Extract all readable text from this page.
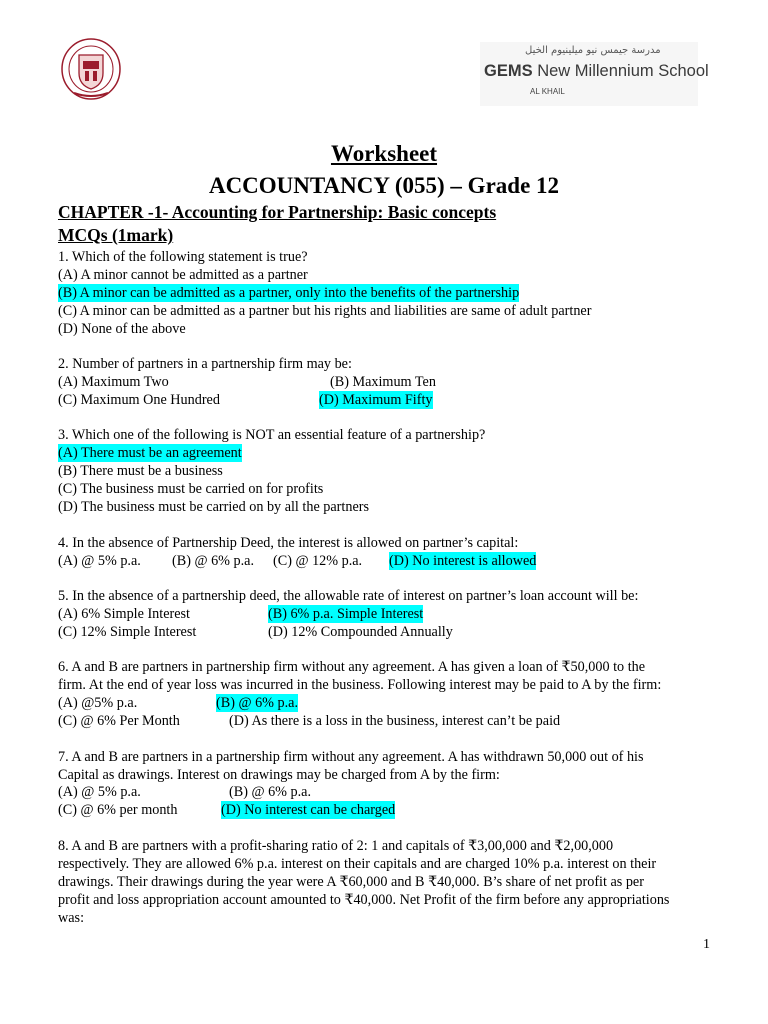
مدرسة جيمس نيو ميلينيوم الخيل
GEMS New Millennium School
AL KHAIL
Worksheet
ACCOUNTANCY (055) – Grade 12
CHAPTER -1- Accounting for Partnership: Basic concepts
MCQs (1mark)
1. Which of the following statement is true?
(A) A minor cannot be admitted as a partner
(B) A minor can be admitted as a partner, only into the benefits of the partnership
(C) A minor can be admitted as a partner but his rights and liabilities are same of adult partner
(D) None of the above
2. Number of partners in a partnership firm may be:
(A) Maximum Two	(B) Maximum Ten
(C) Maximum One Hundred	(D) Maximum Fifty
3. Which one of the following is NOT an essential feature of a partnership?
(A) There must be an agreement
(B) There must be a business
(C) The business must be carried on for profits
(D) The business must be carried on by all the partners
4. In the absence of Partnership Deed, the interest is allowed on partner’s capital:
(A) @ 5% p.a. (B) @ 6% p.a. (C) @ 12% p.a. (D) No interest is allowed
5. In the absence of a partnership deed, the allowable rate of interest on partner’s loan account will be:
(A) 6% Simple Interest	(B) 6% p.a. Simple Interest
(C) 12% Simple Interest	(D) 12% Compounded Annually
6. A and B are partners in partnership firm without any agreement. A has given a loan of ₹50,000 to the
firm. At the end of year loss was incurred in the business. Following interest may be paid to A by the firm:
(A) @5% p.a.	(B) @ 6% p.a.
(C) @ 6% Per Month	(D) As there is a loss in the business, interest can’t be paid
7. A and B are partners in a partnership firm without any agreement. A has withdrawn 50,000 out of his
Capital as drawings. Interest on drawings may be charged from A by the firm:
(A) @ 5% p.a.	(B) @ 6% p.a.
(C) @ 6% per month	(D) No interest can be charged
8. A and B are partners with a profit-sharing ratio of 2: 1 and capitals of ₹3,00,000 and ₹2,00,000
respectively. They are allowed 6% p.a. interest on their capitals and are charged 10% p.a. interest on their
drawings. Their drawings during the year were A ₹60,000 and B ₹40,000. B’s share of net profit as per
profit and loss appropriation account amounted to ₹40,000. Net Profit of the firm before any appropriations
was:
1
